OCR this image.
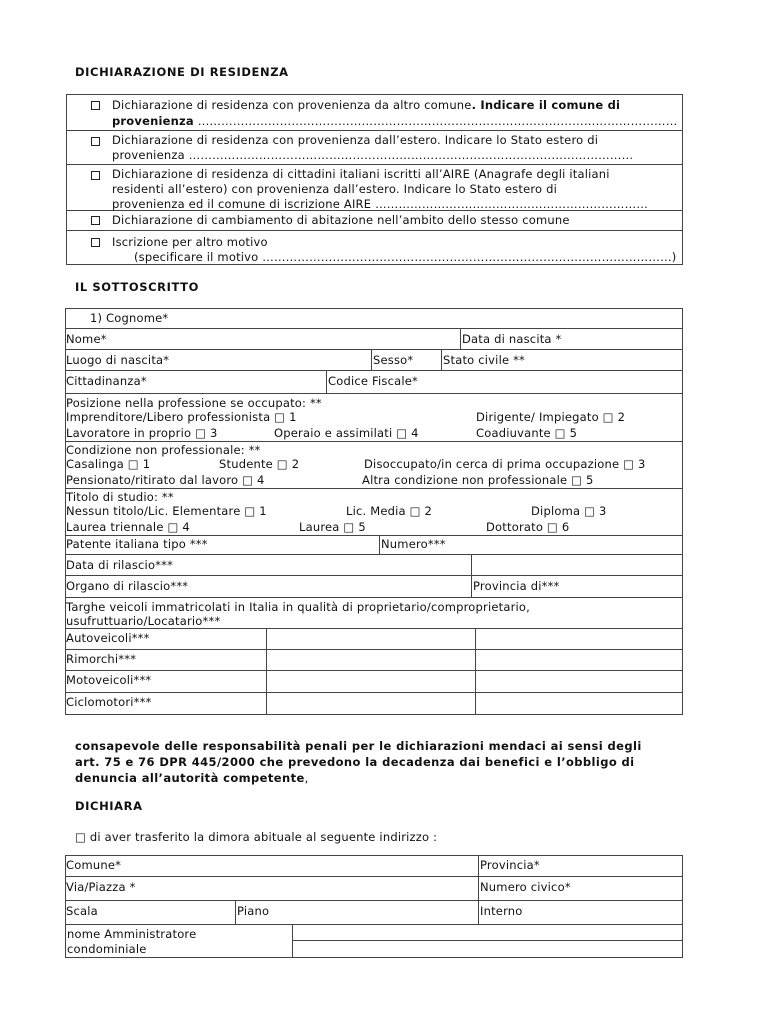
DICHIARAZIONE DI RESIDENZA
Dichiarazione di residenza con provenienza da altro comune. Indicare il comune di
provenienza ……………………………………………………………………………………………………………
Dichiarazione di residenza con provenienza dall’estero. Indicare lo Stato estero di
provenienza ……………………………………………………………………………………………………
Dichiarazione di residenza di cittadini italiani iscritti all’AIRE (Anagrafe degli italiani
residenti all’estero) con provenienza dall’estero. Indicare lo Stato estero di
provenienza ed il comune di iscrizione AIRE ………………….…………………………………………
Dichiarazione di cambiamento di abitazione nell’ambito dello stesso comune
Iscrizione per altro motivo
(specificare il motivo ……………………………………………………………………………………………)
IL SOTTOSCRITTO
1) Cognome*
Nome*	Data di nascita *
Luogo di nascita*	Sesso*	Stato civile **
Cittadinanza*	Codice Fiscale*
Posizione nella professione se occupato: **
Imprenditore/Libero professionista □ 1	Dirigente/ Impiegato □ 2
Lavoratore in proprio □ 3	Operaio e assimilati □ 4	Coadiuvante □ 5
Condizione non professionale: **
Casalinga □ 1	Studente □ 2	Disoccupato/in cerca di prima occupazione □ 3
Pensionato/ritirato dal lavoro □ 4	Altra condizione non professionale □ 5
Titolo di studio: **
Nessun titolo/Lic. Elementare □ 1	Lic. Media □ 2	Diploma □ 3
Laurea triennale □ 4	Laurea □ 5	Dottorato □ 6
Patente italiana tipo ***	Numero***
Data di rilascio***
Organo di rilascio***	Provincia di***
Targhe veicoli immatricolati in Italia in qualità di proprietario/comproprietario,
usufruttuario/Locatario***
Autoveicoli***
Rimorchi***
Motoveicoli***
Ciclomotori***
consapevole delle responsabilità penali per le dichiarazioni mendaci ai sensi degli
art. 75 e 76 DPR 445/2000 che prevedono la decadenza dai benefici e l’obbligo di
denuncia all’autorità competente,
DICHIARA
□ di aver trasferito la dimora abituale al seguente indirizzo :
Comune*	Provincia*
Via/Piazza *	Numero civico*
Scala	Piano	Interno
nome Amministratore
condominiale
